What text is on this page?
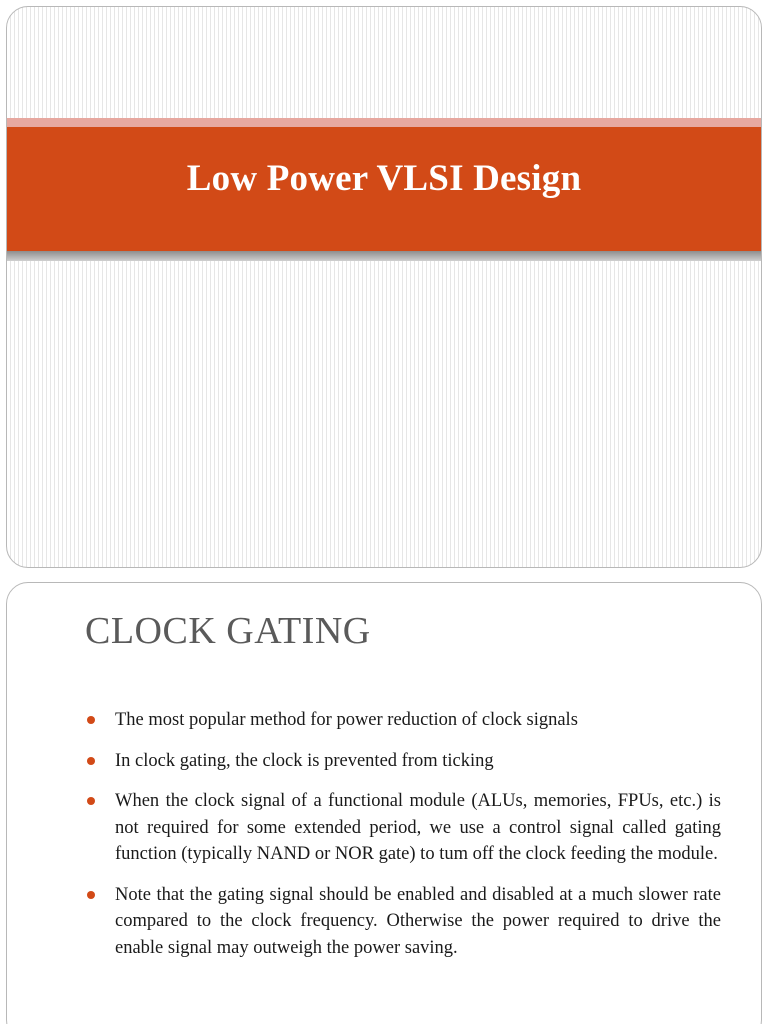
Low Power VLSI Design
CLOCK GATING
The most popular method for power reduction of clock signals
In clock gating, the clock is prevented from ticking
When the clock signal of a functional module (ALUs, memories, FPUs, etc.) is not required for some extended period, we use a control signal called gating function (typically NAND or NOR gate) to tum off the clock feeding the module.
Note that the gating signal should be enabled and disabled at a much slower rate compared to the clock frequency. Otherwise the power required to drive the enable signal may outweigh the power saving.
